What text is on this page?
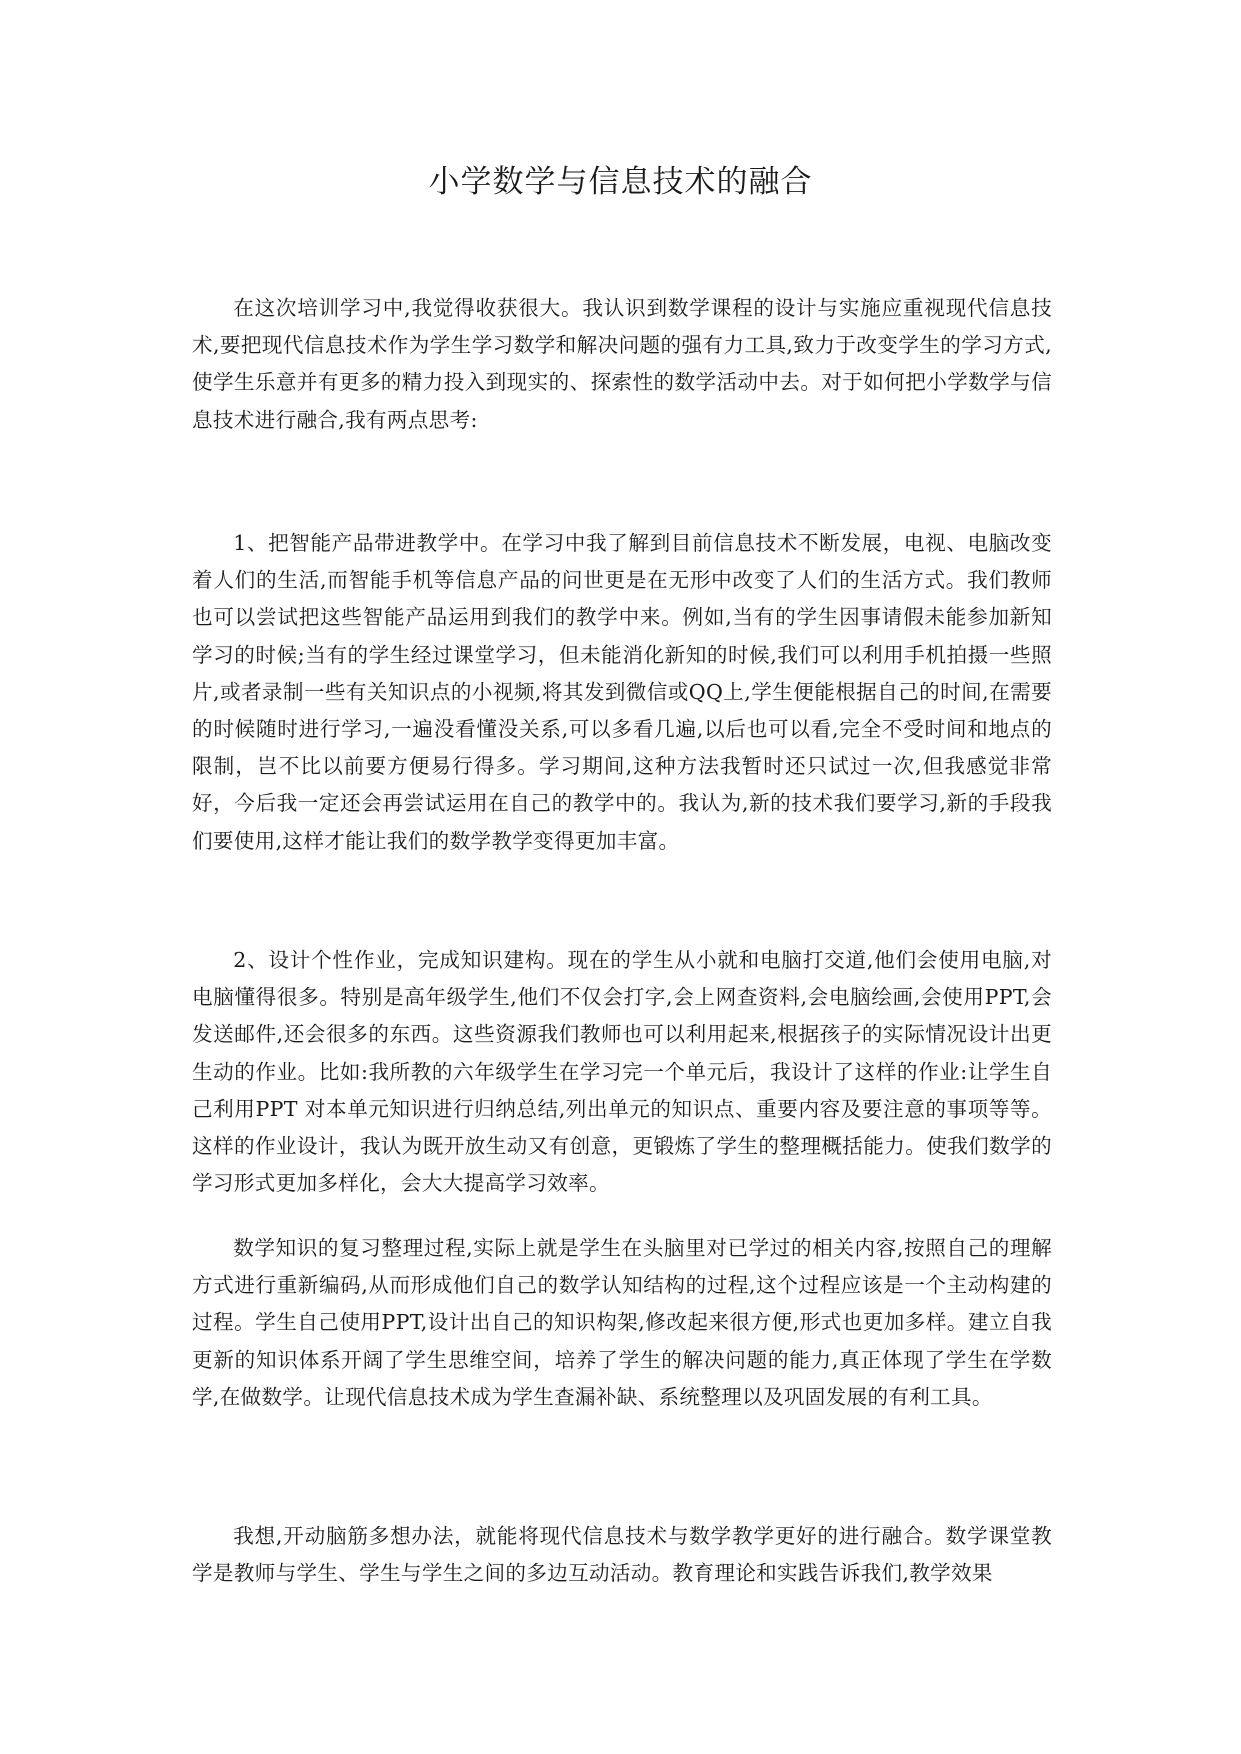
小学数学与信息技术的融合

在这次培训学习中,我觉得收获很大。我认识到数学课程的设计与实施应重视现代信息技术,要把现代信息技术作为学生学习数学和解决问题的强有力工具,致力于改变学生的学习方式,使学生乐意并有更多的精力投入到现实的、探索性的数学活动中去。对于如何把小学数学与信息技术进行融合,我有两点思考:

1、把智能产品带进教学中。在学习中我了解到目前信息技术不断发展，电视、电脑改变着人们的生活,而智能手机等信息产品的问世更是在无形中改变了人们的生活方式。我们教师也可以尝试把这些智能产品运用到我们的教学中来。例如,当有的学生因事请假未能参加新知学习的时候;当有的学生经过课堂学习，但未能消化新知的时候,我们可以利用手机拍摄一些照片,或者录制一些有关知识点的小视频,将其发到微信或QQ上,学生便能根据自己的时间,在需要的时候随时进行学习,一遍没看懂没关系,可以多看几遍,以后也可以看,完全不受时间和地点的限制，岂不比以前要方便易行得多。学习期间,这种方法我暂时还只试过一次,但我感觉非常好，今后我一定还会再尝试运用在自己的教学中的。我认为,新的技术我们要学习,新的手段我们要使用,这样才能让我们的数学教学变得更加丰富。

2、设计个性作业，完成知识建构。现在的学生从小就和电脑打交道,他们会使用电脑,对电脑懂得很多。特别是高年级学生,他们不仅会打字,会上网查资料,会电脑绘画,会使用PPT,会发送邮件,还会很多的东西。这些资源我们教师也可以利用起来,根据孩子的实际情况设计出更生动的作业。比如:我所教的六年级学生在学习完一个单元后，我设计了这样的作业:让学生自己利用PPT 对本单元知识进行归纳总结,列出单元的知识点、重要内容及要注意的事项等等。这样的作业设计，我认为既开放生动又有创意，更锻炼了学生的整理概括能力。使我们数学的学习形式更加多样化，会大大提高学习效率。

数学知识的复习整理过程,实际上就是学生在头脑里对已学过的相关内容,按照自己的理解方式进行重新编码,从而形成他们自己的数学认知结构的过程,这个过程应该是一个主动构建的过程。学生自己使用PPT,设计出自己的知识构架,修改起来很方便,形式也更加多样。建立自我更新的知识体系开阔了学生思维空间，培养了学生的解决问题的能力,真正体现了学生在学数学,在做数学。让现代信息技术成为学生查漏补缺、系统整理以及巩固发展的有利工具。

我想,开动脑筋多想办法，就能将现代信息技术与数学教学更好的进行融合。数学课堂教学是教师与学生、学生与学生之间的多边互动活动。教育理论和实践告诉我们,教学效果
